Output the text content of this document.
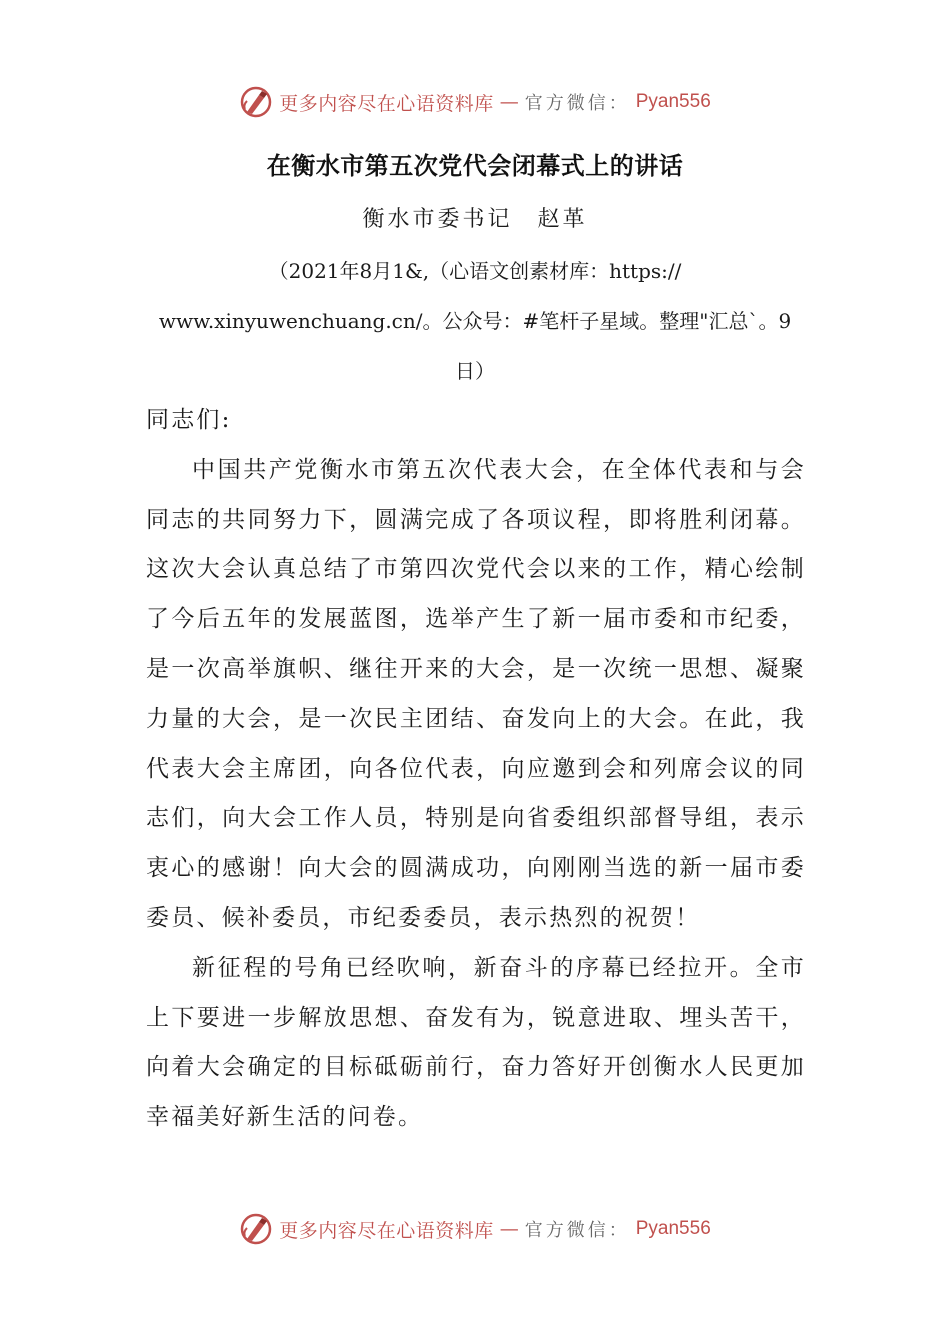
更多内容尽在心语资料库 — 官方微信： Pyan556
在衡水市第五次党代会闭幕式上的讲话
衡水市委书记　赵革
（2021年8月1&,（心语文创素材库：https://
www.xinyuwenchuang.cn/。公众号：#笔杆子星域。整理"汇总`。9
日）

同志们:

中国共产党衡水市第五次代表大会，在全体代表和与会同志的共同努力下，圆满完成了各项议程，即将胜利闭幕。这次大会认真总结了市第四次党代会以来的工作，精心绘制了今后五年的发展蓝图，选举产生了新一届市委和市纪委，是一次高举旗帜、继往开来的大会，是一次统一思想、凝聚力量的大会，是一次民主团结、奋发向上的大会。在此，我代表大会主席团，向各位代表，向应邀到会和列席会议的同志们，向大会工作人员，特别是向省委组织部督导组，表示衷心的感谢！向大会的圆满成功，向刚刚当选的新一届市委委员、候补委员，市纪委委员，表示热烈的祝贺！

新征程的号角已经吹响，新奋斗的序幕已经拉开。全市上下要进一步解放思想、奋发有为，锐意进取、埋头苦干，向着大会确定的目标砥砺前行，奋力答好开创衡水人民更加幸福美好新生活的问卷。

更多内容尽在心语资料库 — 官方微信： Pyan556
